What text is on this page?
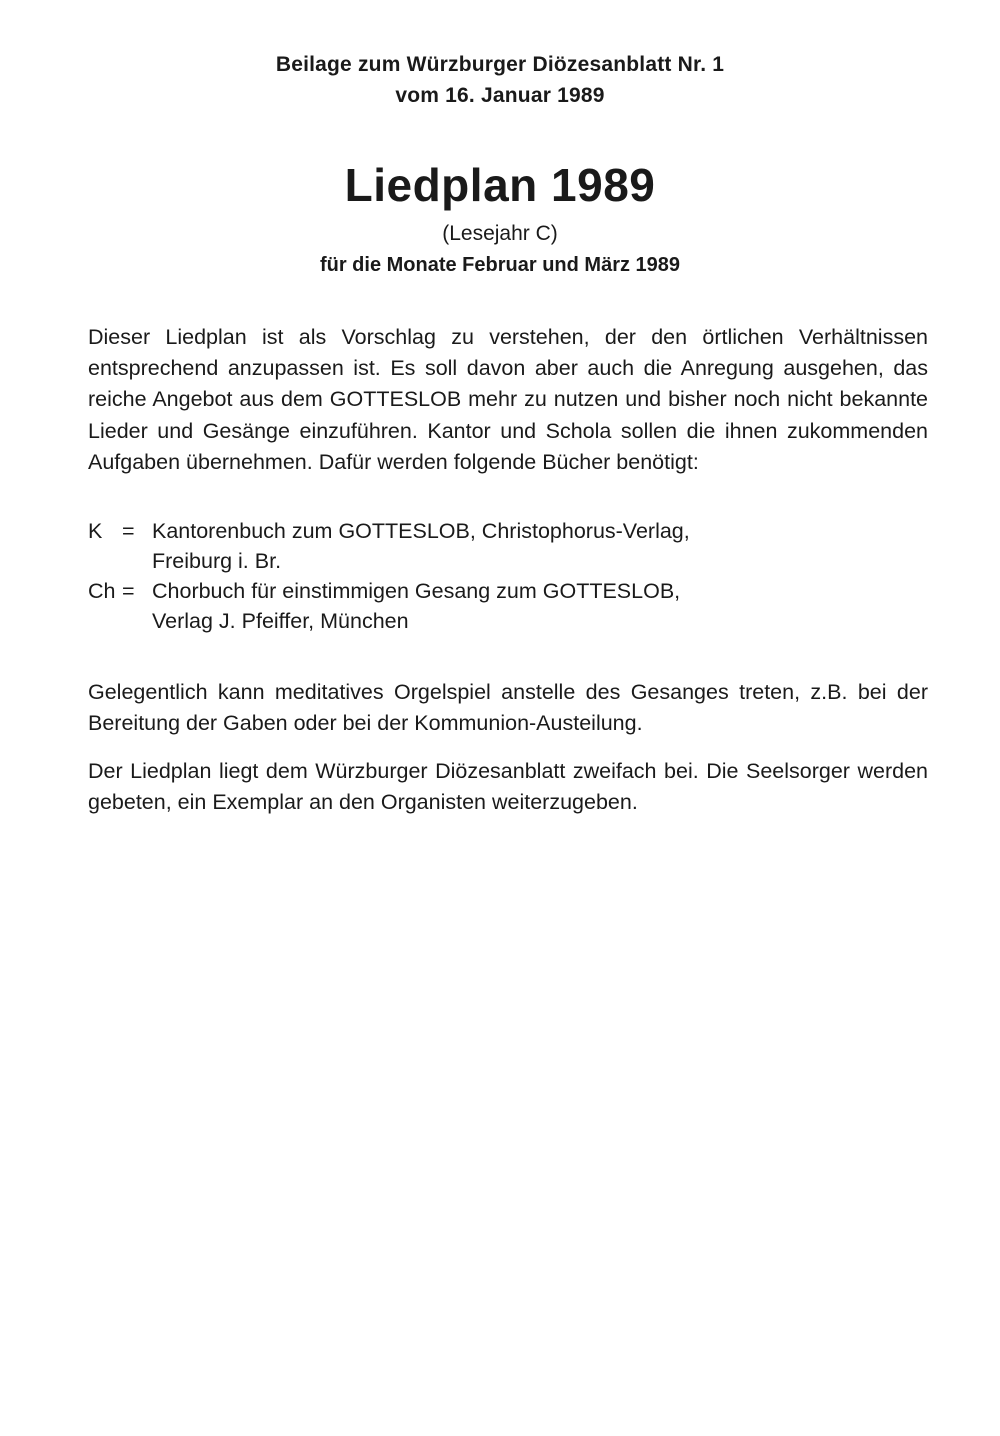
Beilage zum Würzburger Diözesanblatt Nr. 1
vom 16. Januar 1989
Liedplan 1989
(Lesejahr C)
für die Monate Februar und März 1989
Dieser Liedplan ist als Vorschlag zu verstehen, der den örtlichen Verhältnissen entsprechend anzupassen ist. Es soll davon aber auch die Anregung ausgehen, das reiche Angebot aus dem GOTTESLOB mehr zu nutzen und bisher noch nicht bekannte Lieder und Gesänge einzuführen. Kantor und Schola sollen die ihnen zukommenden Aufgaben übernehmen. Dafür werden folgende Bücher benötigt:
K = Kantorenbuch zum GOTTESLOB, Christophorus-Verlag,
Freiburg i. Br.
Ch = Chorbuch für einstimmigen Gesang zum GOTTESLOB,
Verlag J. Pfeiffer, München
Gelegentlich kann meditatives Orgelspiel anstelle des Gesanges treten, z.B. bei der Bereitung der Gaben oder bei der Kommunion-Austeilung.
Der Liedplan liegt dem Würzburger Diözesanblatt zweifach bei. Die Seelsorger werden gebeten, ein Exemplar an den Organisten weiterzugeben.
